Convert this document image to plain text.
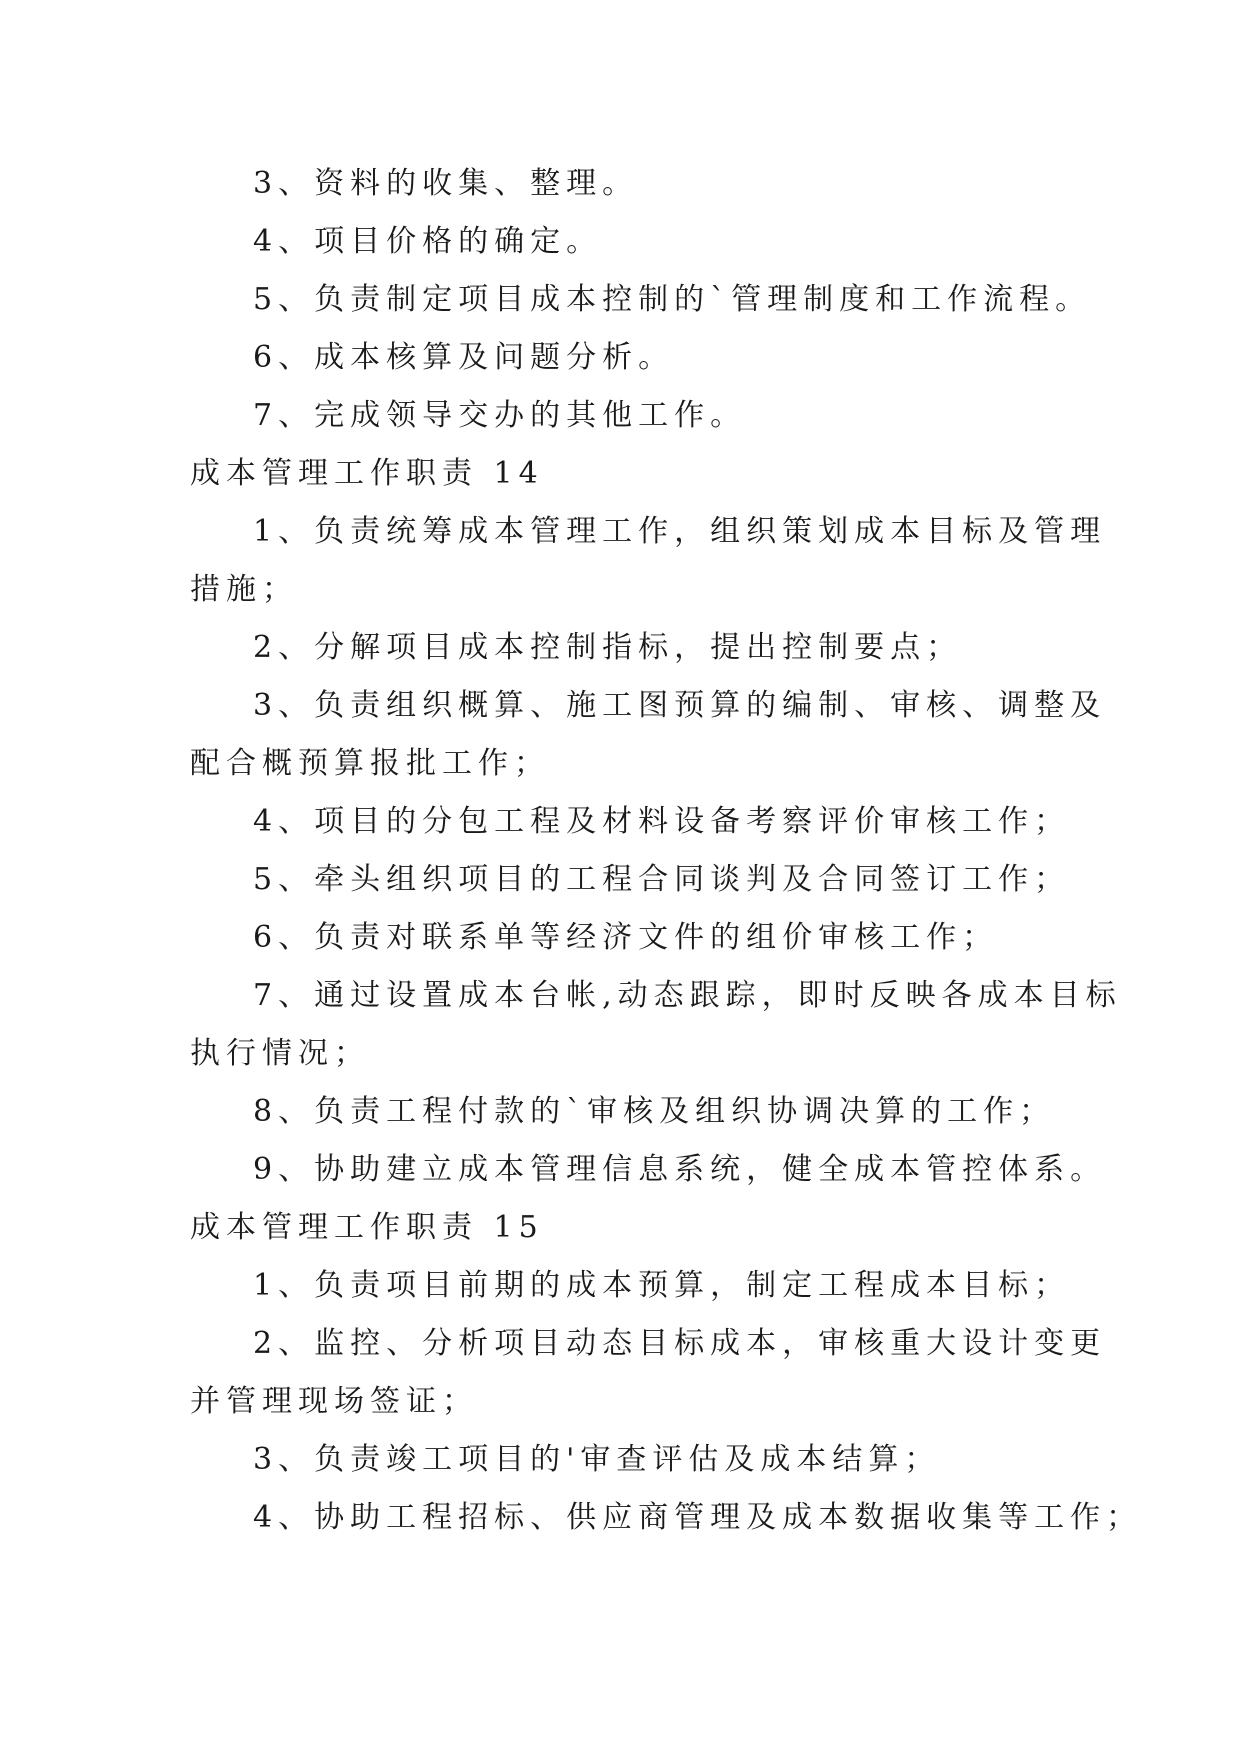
3、资料的收集、整理。
4、项目价格的确定。
5、负责制定项目成本控制的`管理制度和工作流程。
6、成本核算及问题分析。
7、完成领导交办的其他工作。
成本管理工作职责 14
1、负责统筹成本管理工作，组织策划成本目标及管理
措施；
2、分解项目成本控制指标，提出控制要点；
3、负责组织概算、施工图预算的编制、审核、调整及
配合概预算报批工作；
4、项目的分包工程及材料设备考察评价审核工作；
5、牵头组织项目的工程合同谈判及合同签订工作；
6、负责对联系单等经济文件的组价审核工作；
7、通过设置成本台帐,动态跟踪，即时反映各成本目标
执行情况；
8、负责工程付款的`审核及组织协调决算的工作；
9、协助建立成本管理信息系统，健全成本管控体系。
成本管理工作职责 15
1、负责项目前期的成本预算，制定工程成本目标；
2、监控、分析项目动态目标成本，审核重大设计变更
并管理现场签证；
3、负责竣工项目的'审查评估及成本结算；
4、协助工程招标、供应商管理及成本数据收集等工作；
